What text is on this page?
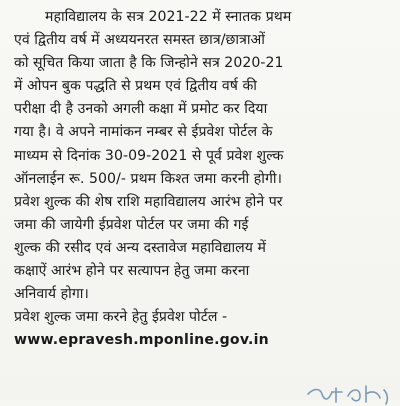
महाविद्यालय के सत्र 2021-22 में स्नातक प्रथम
एवं द्वितीय वर्ष में अध्ययनरत समस्त छात्र/छात्राओं
को सूचित किया जाता है कि जिन्होने सत्र 2020-21
में ओपन बुक पद्धति से प्रथम एवं द्वितीय वर्ष की
परीक्षा दी है उनको अगली कक्षा में प्रमोट कर दिया
गया है। वे अपने नामांकन नम्बर से ईप्रवेश पोर्टल के
माध्यम से दिनांक 30-09-2021 से पूर्व प्रवेश शुल्क
ऑनलाईन रू. 500/- प्रथम किश्त जमा करनी होगी।
प्रवेश शुल्क की शेष राशि महाविद्यालय आरंभ होने पर
जमा की जायेगी ईप्रवेश पोर्टल पर जमा की गई
शुल्क की रसीद एवं अन्य दस्तावेज महाविद्यालय में
कक्षाऐं आरंभ होने पर सत्यापन हेतु जमा करना
अनिवार्य होगा।
प्रवेश शुल्क जमा करने हेतु ईप्रवेश पोर्टल -
www.epravesh.mponline.gov.in
